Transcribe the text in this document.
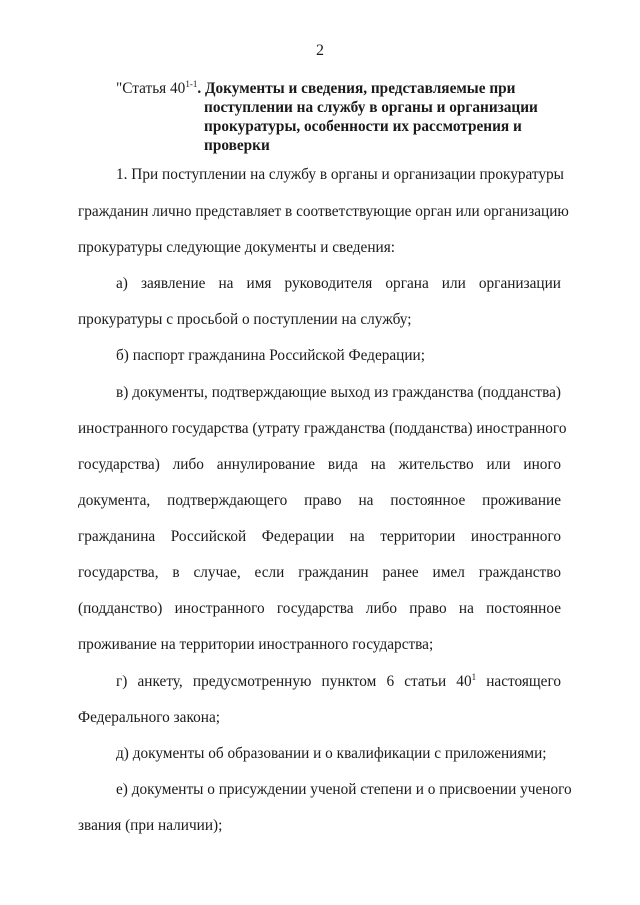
2
"Статья 40$^{1-1}$. Документы и сведения, представляемые при
поступлении на службу в органы и организации
прокуратуры, особенности их рассмотрения и
проверки
1. При поступлении на службу в органы и организации прокуратуры
гражданин лично представляет в соответствующие орган или организацию
прокуратуры следующие документы и сведения:
а) заявление на имя руководителя органа или организации
прокуратуры с просьбой о поступлении на службу;
б) паспорт гражданина Российской Федерации;
в) документы, подтверждающие выход из гражданства (подданства)
иностранного государства (утрату гражданства (подданства) иностранного
государства) либо аннулирование вида на жительство или иного
документа, подтверждающего право на постоянное проживание
гражданина Российской Федерации на территории иностранного
государства, в случае, если гражданин ранее имел гражданство
(подданство) иностранного государства либо право на постоянное
проживание на территории иностранного государства;
г) анкету, предусмотренную пунктом 6 статьи $40^1$ настоящего
Федерального закона;
д) документы об образовании и о квалификации с приложениями;
е) документы о присуждении ученой степени и о присвоении ученого
звания (при наличии);
